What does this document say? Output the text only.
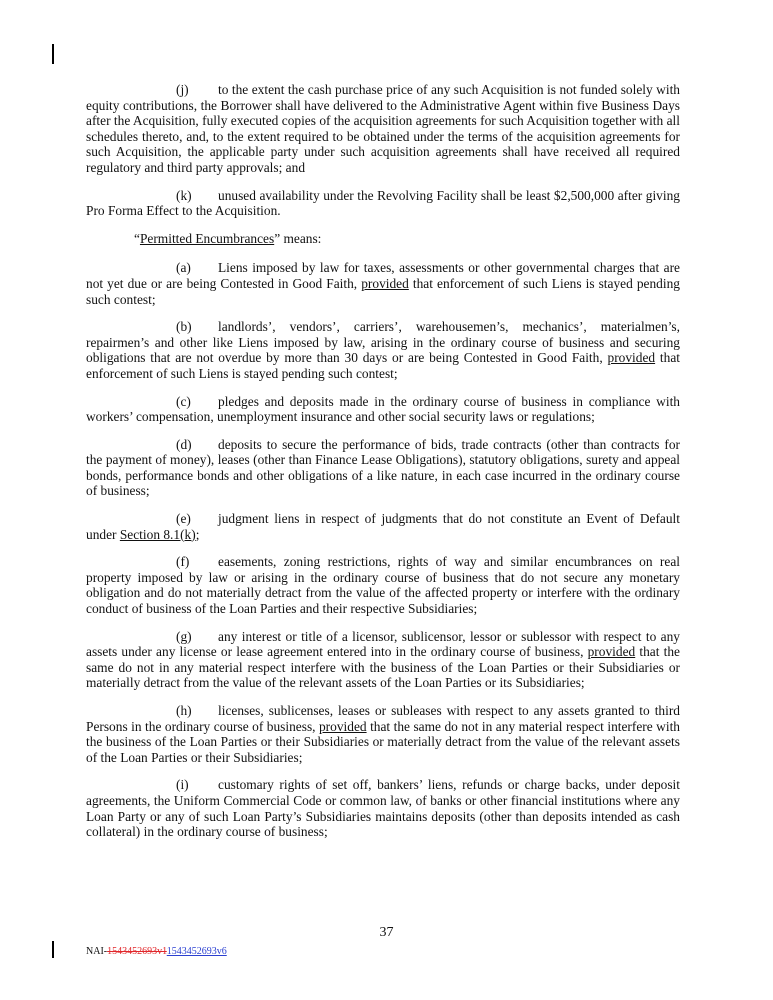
(j) to the extent the cash purchase price of any such Acquisition is not funded solely with equity contributions, the Borrower shall have delivered to the Administrative Agent within five Business Days after the Acquisition, fully executed copies of the acquisition agreements for such Acquisition together with all schedules thereto, and, to the extent required to be obtained under the terms of the acquisition agreements for such Acquisition, the applicable party under such acquisition agreements shall have received all required regulatory and third party approvals; and

(k) unused availability under the Revolving Facility shall be least $2,500,000 after giving Pro Forma Effect to the Acquisition.

“Permitted Encumbrances” means:

(a) Liens imposed by law for taxes, assessments or other governmental charges that are not yet due or are being Contested in Good Faith, provided that enforcement of such Liens is stayed pending such contest;

(b) landlords’, vendors’, carriers’, warehousemen’s, mechanics’, materialmen’s, repairmen’s and other like Liens imposed by law, arising in the ordinary course of business and securing obligations that are not overdue by more than 30 days or are being Contested in Good Faith, provided that enforcement of such Liens is stayed pending such contest;

(c) pledges and deposits made in the ordinary course of business in compliance with workers’ compensation, unemployment insurance and other social security laws or regulations;

(d) deposits to secure the performance of bids, trade contracts (other than contracts for the payment of money), leases (other than Finance Lease Obligations), statutory obligations, surety and appeal bonds, performance bonds and other obligations of a like nature, in each case incurred in the ordinary course of business;

(e) judgment liens in respect of judgments that do not constitute an Event of Default under Section 8.1(k);

(f) easements, zoning restrictions, rights of way and similar encumbrances on real property imposed by law or arising in the ordinary course of business that do not secure any monetary obligation and do not materially detract from the value of the affected property or interfere with the ordinary conduct of business of the Loan Parties and their respective Subsidiaries;

(g) any interest or title of a licensor, sublicensor, lessor or sublessor with respect to any assets under any license or lease agreement entered into in the ordinary course of business, provided that the same do not in any material respect interfere with the business of the Loan Parties or their Subsidiaries or materially detract from the value of the relevant assets of the Loan Parties or its Subsidiaries;

(h) licenses, sublicenses, leases or subleases with respect to any assets granted to third Persons in the ordinary course of business, provided that the same do not in any material respect interfere with the business of the Loan Parties or their Subsidiaries or materially detract from the value of the relevant assets of the Loan Parties or their Subsidiaries;

(i) customary rights of set off, bankers’ liens, refunds or charge backs, under deposit agreements, the Uniform Commercial Code or common law, of banks or other financial institutions where any Loan Party or any of such Loan Party’s Subsidiaries maintains deposits (other than deposits intended as cash collateral) in the ordinary course of business;

37
NAI-1543452693v11543452693v6
